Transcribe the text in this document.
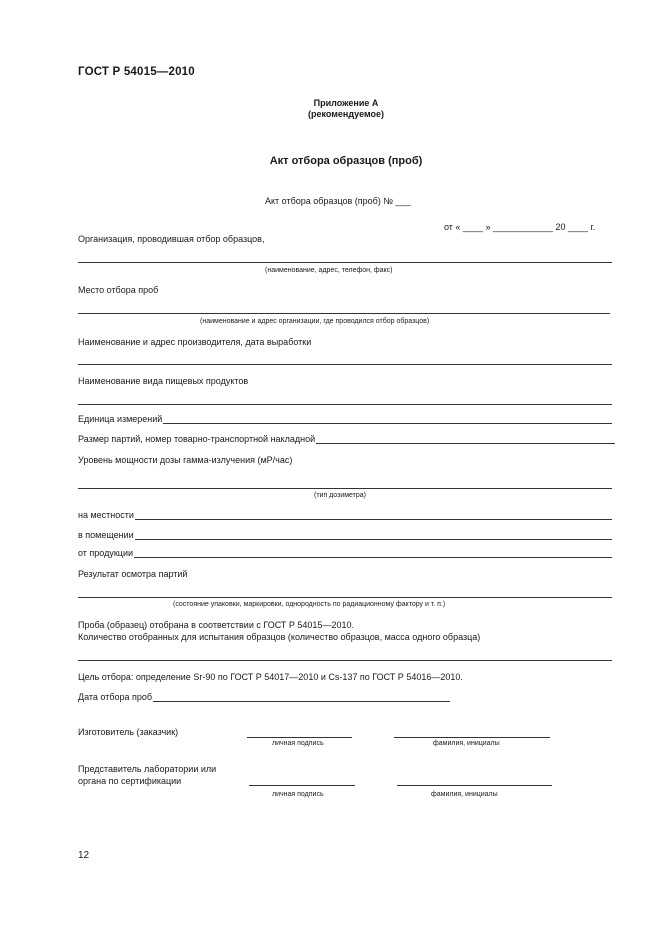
ГОСТ Р 54015—2010
Приложение А
(рекомендуемое)
Акт отбора образцов (проб)
Акт отбора образцов (проб) № ___
от « ____ » ____________ 20 ____ г.
Организация, проводившая отбор образцов,
(наименование, адрес, телефон, факс)
Место отбора проб
(наименование и адрес организации, где проводился отбор образцов)
Наименование и адрес производителя, дата выработки
Наименование вида пищевых продуктов
Единица измерений
Размер партий, номер товарно-транспортной накладной
Уровень мощности дозы гамма-излучения (мР/час)
(тип дозиметра)
на местности
в помещении
от продукции
Результат осмотра партий
(состояние упаковки, маркировки, однородность по радиационному фактору и т. п.)
Проба (образец) отобрана в соответствии с ГОСТ Р 54015—2010.
Количество отобранных для испытания образцов (количество образцов, масса одного образца)
Цель отбора: определение Sr-90 по ГОСТ Р 54017—2010 и Cs-137 по ГОСТ Р 54016—2010.
Дата отбора проб
Изготовитель (заказчик)
личная подпись	фамилия, инициалы
Представитель лаборатории или
органа по сертификации
личная подпись	фамилия, инициалы
12
